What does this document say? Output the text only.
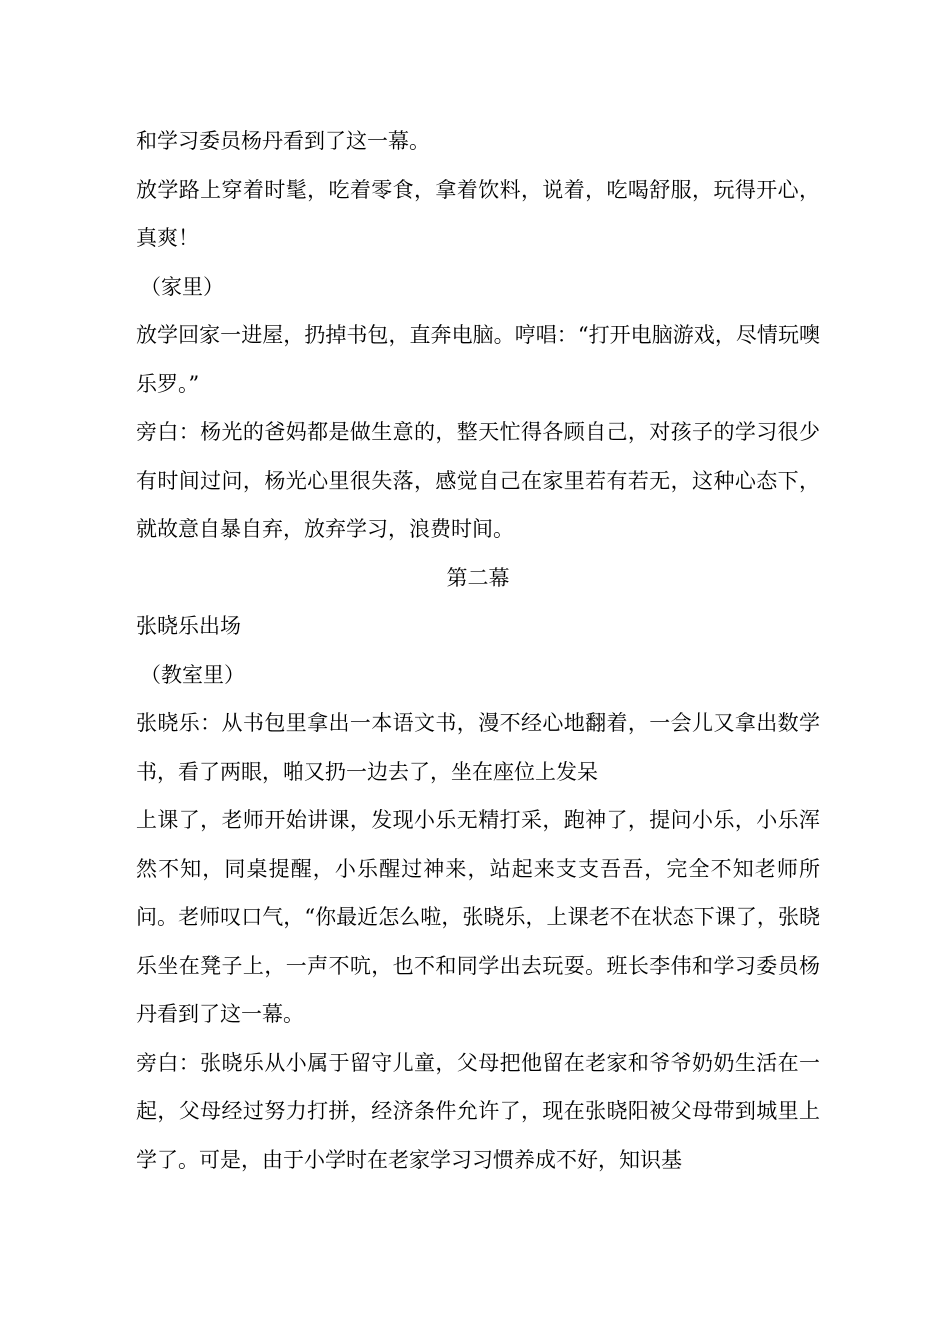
和学习委员杨丹看到了这一幕。

放学路上穿着时髦，吃着零食，拿着饮料，说着，吃喝舒服，玩得开心，真爽！

（家里）

放学回家一进屋，扔掉书包，直奔电脑。哼唱：“打开电脑游戏，尽情玩噢乐罗。”

旁白：杨光的爸妈都是做生意的，整天忙得各顾自己，对孩子的学习很少有时间过问，杨光心里很失落，感觉自己在家里若有若无，这种心态下，就故意自暴自弃，放弃学习，浪费时间。

第二幕

张晓乐出场

（教室里）

张晓乐：从书包里拿出一本语文书，漫不经心地翻着，一会儿又拿出数学书，看了两眼，啪又扔一边去了，坐在座位上发呆

上课了，老师开始讲课，发现小乐无精打采，跑神了，提问小乐，小乐浑然不知，同桌提醒，小乐醒过神来，站起来支支吾吾，完全不知老师所问。老师叹口气，“你最近怎么啦，张晓乐，上课老不在状态下课了，张晓乐坐在凳子上，一声不吭，也不和同学出去玩耍。班长李伟和学习委员杨丹看到了这一幕。

旁白：张晓乐从小属于留守儿童，父母把他留在老家和爷爷奶奶生活在一起，父母经过努力打拼，经济条件允许了，现在张晓阳被父母带到城里上学了。可是，由于小学时在老家学习习惯养成不好，知识基
